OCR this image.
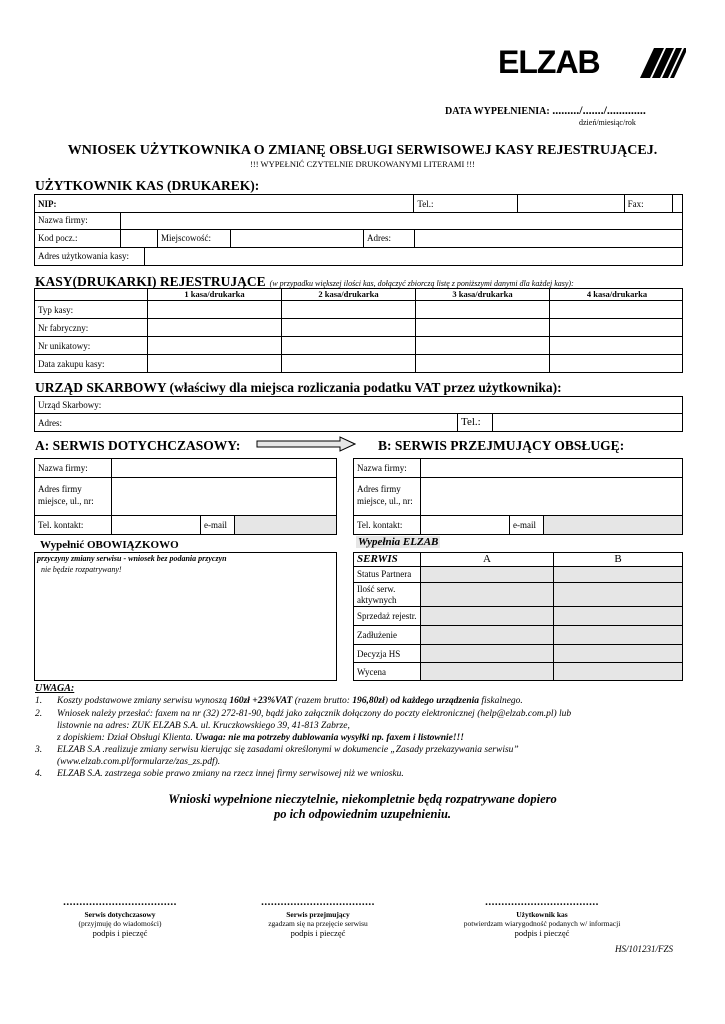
ELZAB
DATA WYPEŁNIENIA: ........./......./.............
dzień/miesiąc/rok
WNIOSEK UŻYTKOWNIKA O ZMIANĘ OBSŁUGI SERWISOWEJ KASY REJESTRUJĄCEJ.
!!! WYPEŁNIĆ CZYTELNIE DRUKOWANYMI LITERAMI !!!
UŻYTKOWNIK KAS (DRUKAREK):
NIP:	Tel.:	
		Fax:	
Nazwa firmy:
Kod pocz.:	Miejscowość:	Adres:
Adres użytkowania kasy:
KASY(DRUKARKI) REJESTRUJĄCE (w przypadku większej ilości kas, dołączyć zbiorczą listę z poniższymi danymi dla każdej kasy):
1 kasa/drukarka	2 kasa/drukarka	3 kasa/drukarka	4 kasa/drukarka
Typ kasy:
Nr fabryczny:
Nr unikatowy:
Data zakupu kasy:
URZĄD SKARBOWY (właściwy dla miejsca rozliczania podatku VAT przez użytkownika):
Urząd Skarbowy:
Adres:	Tel.:
A: SERWIS DOTYCHCZASOWY:	B: SERWIS PRZEJMUJĄCY OBSŁUGĘ:
Nazwa firmy:
Adres firmy
miejsce, ul., nr:
Tel. kontakt:	e-mail
Nazwa firmy:
Adres firmy
miejsce, ul., nr:
Tel. kontakt:	e-mail
Wypełnić OBOWIĄZKOWO
przyczyny zmiany serwisu - wniosek bez podania przyczyn
nie będzie rozpatrywany!
Wypełnia ELZAB
SERWIS	A	B
Status Partnera
Ilość serw.
aktywnych
Sprzedaż rejestr.
Zadłużenie
Decyzja HS
Wycena
UWAGA:
1. Koszty podstawowe zmiany serwisu wynoszą 160zł +23%VAT (razem brutto: 196,80zł) od każdego urządzenia fiskalnego.
2. Wniosek należy przesłać: faxem na nr (32) 272-81-90, bądź jako załącznik dołączony do poczty elektronicznej (help@elzab.com.pl) lub
listownie na adres: ZUK ELZAB S.A. ul. Kruczkowskiego 39, 41-813 Zabrze,
z dopiskiem: Dział Obsługi Klienta. Uwaga: nie ma potrzeby dublowania wysyłki np. faxem i listownie!!!
3. ELZAB S.A .realizuje zmiany serwisu kierując się zasadami określonymi w dokumencie „Zasady przekazywania serwisu”
(www.elzab.com.pl/formularze/zas_zs.pdf).
4. ELZAB S.A. zastrzega sobie prawo zmiany na rzecz innej firmy serwisowej niż we wniosku.
Wnioski wypełnione nieczytelnie, niekompletnie będą rozpatrywane dopiero
po ich odpowiednim uzupełnieniu.
...................................
Serwis dotychczasowy
(przyjmuję do wiadomości)
podpis i pieczęć
...................................
Serwis przejmujący
zgadzam się na przejęcie serwisu
podpis i pieczęć
...................................
Użytkownik kas
potwierdzam wiarygodność podanych w/ informacji
podpis i pieczęć
HS/101231/FZS
